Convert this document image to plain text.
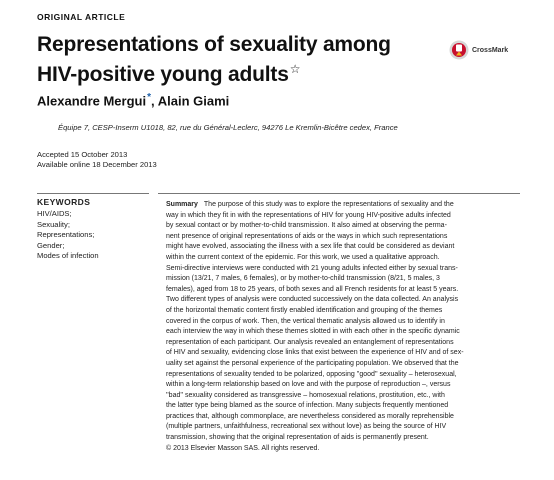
ORIGINAL ARTICLE
Representations of sexuality among
HIV-positive young adults☆
CrossMark
Alexandre Mergui*, Alain Giami
Équipe 7, CESP-Inserm U1018, 82, rue du Général-Leclerc, 94276 Le Kremlin-Bicêtre cedex, France
Accepted 15 October 2013
Available online 18 December 2013
KEYWORDS
HIV/AIDS;
Sexuality;
Representations;
Gender;
Modes of infection
Summary The purpose of this study was to explore the representations of sexuality and the
way in which they fit in with the representations of HIV for young HIV-positive adults infected
by sexual contact or by mother-to-child transmission. It also aimed at observing the perma-
nent presence of original representations of aids or the ways in which such representations
might have evolved, associating the illness with a sex life that could be considered as deviant
within the current context of the epidemic. For this work, we used a qualitative approach.
Semi-directive interviews were conducted with 21 young adults infected either by sexual trans-
mission (13/21, 7 males, 6 females), or by mother-to-child transmission (8/21, 5 males, 3
females), aged from 18 to 25 years, of both sexes and all French residents for at least 5 years.
Two different types of analysis were conducted successively on the data collected. An analysis
of the horizontal thematic content firstly enabled identification and grouping of the themes
covered in the corpus of work. Then, the vertical thematic analysis allowed us to identify in
each interview the way in which these themes slotted in with each other in the specific dynamic
representation of each participant. Our analysis revealed an entanglement of representations
of HIV and sexuality, evidencing close links that exist between the experience of HIV and of sex-
uality set against the personal experience of the participating population. We observed that the
representations of sexuality tended to be polarized, opposing ''good'' sexuality – heterosexual,
within a long-term relationship based on love and with the purpose of reproduction –, versus
''bad'' sexuality considered as transgressive – homosexual relations, prostitution, etc., with
the latter type being blamed as the source of infection. Many subjects frequently mentioned
practices that, although commonplace, are nevertheless considered as morally reprehensible
(multiple partners, unfaithfulness, recreational sex without love) as being the source of HIV
transmission, showing that the original representation of aids is permanently present.
© 2013 Elsevier Masson SAS. All rights reserved.
